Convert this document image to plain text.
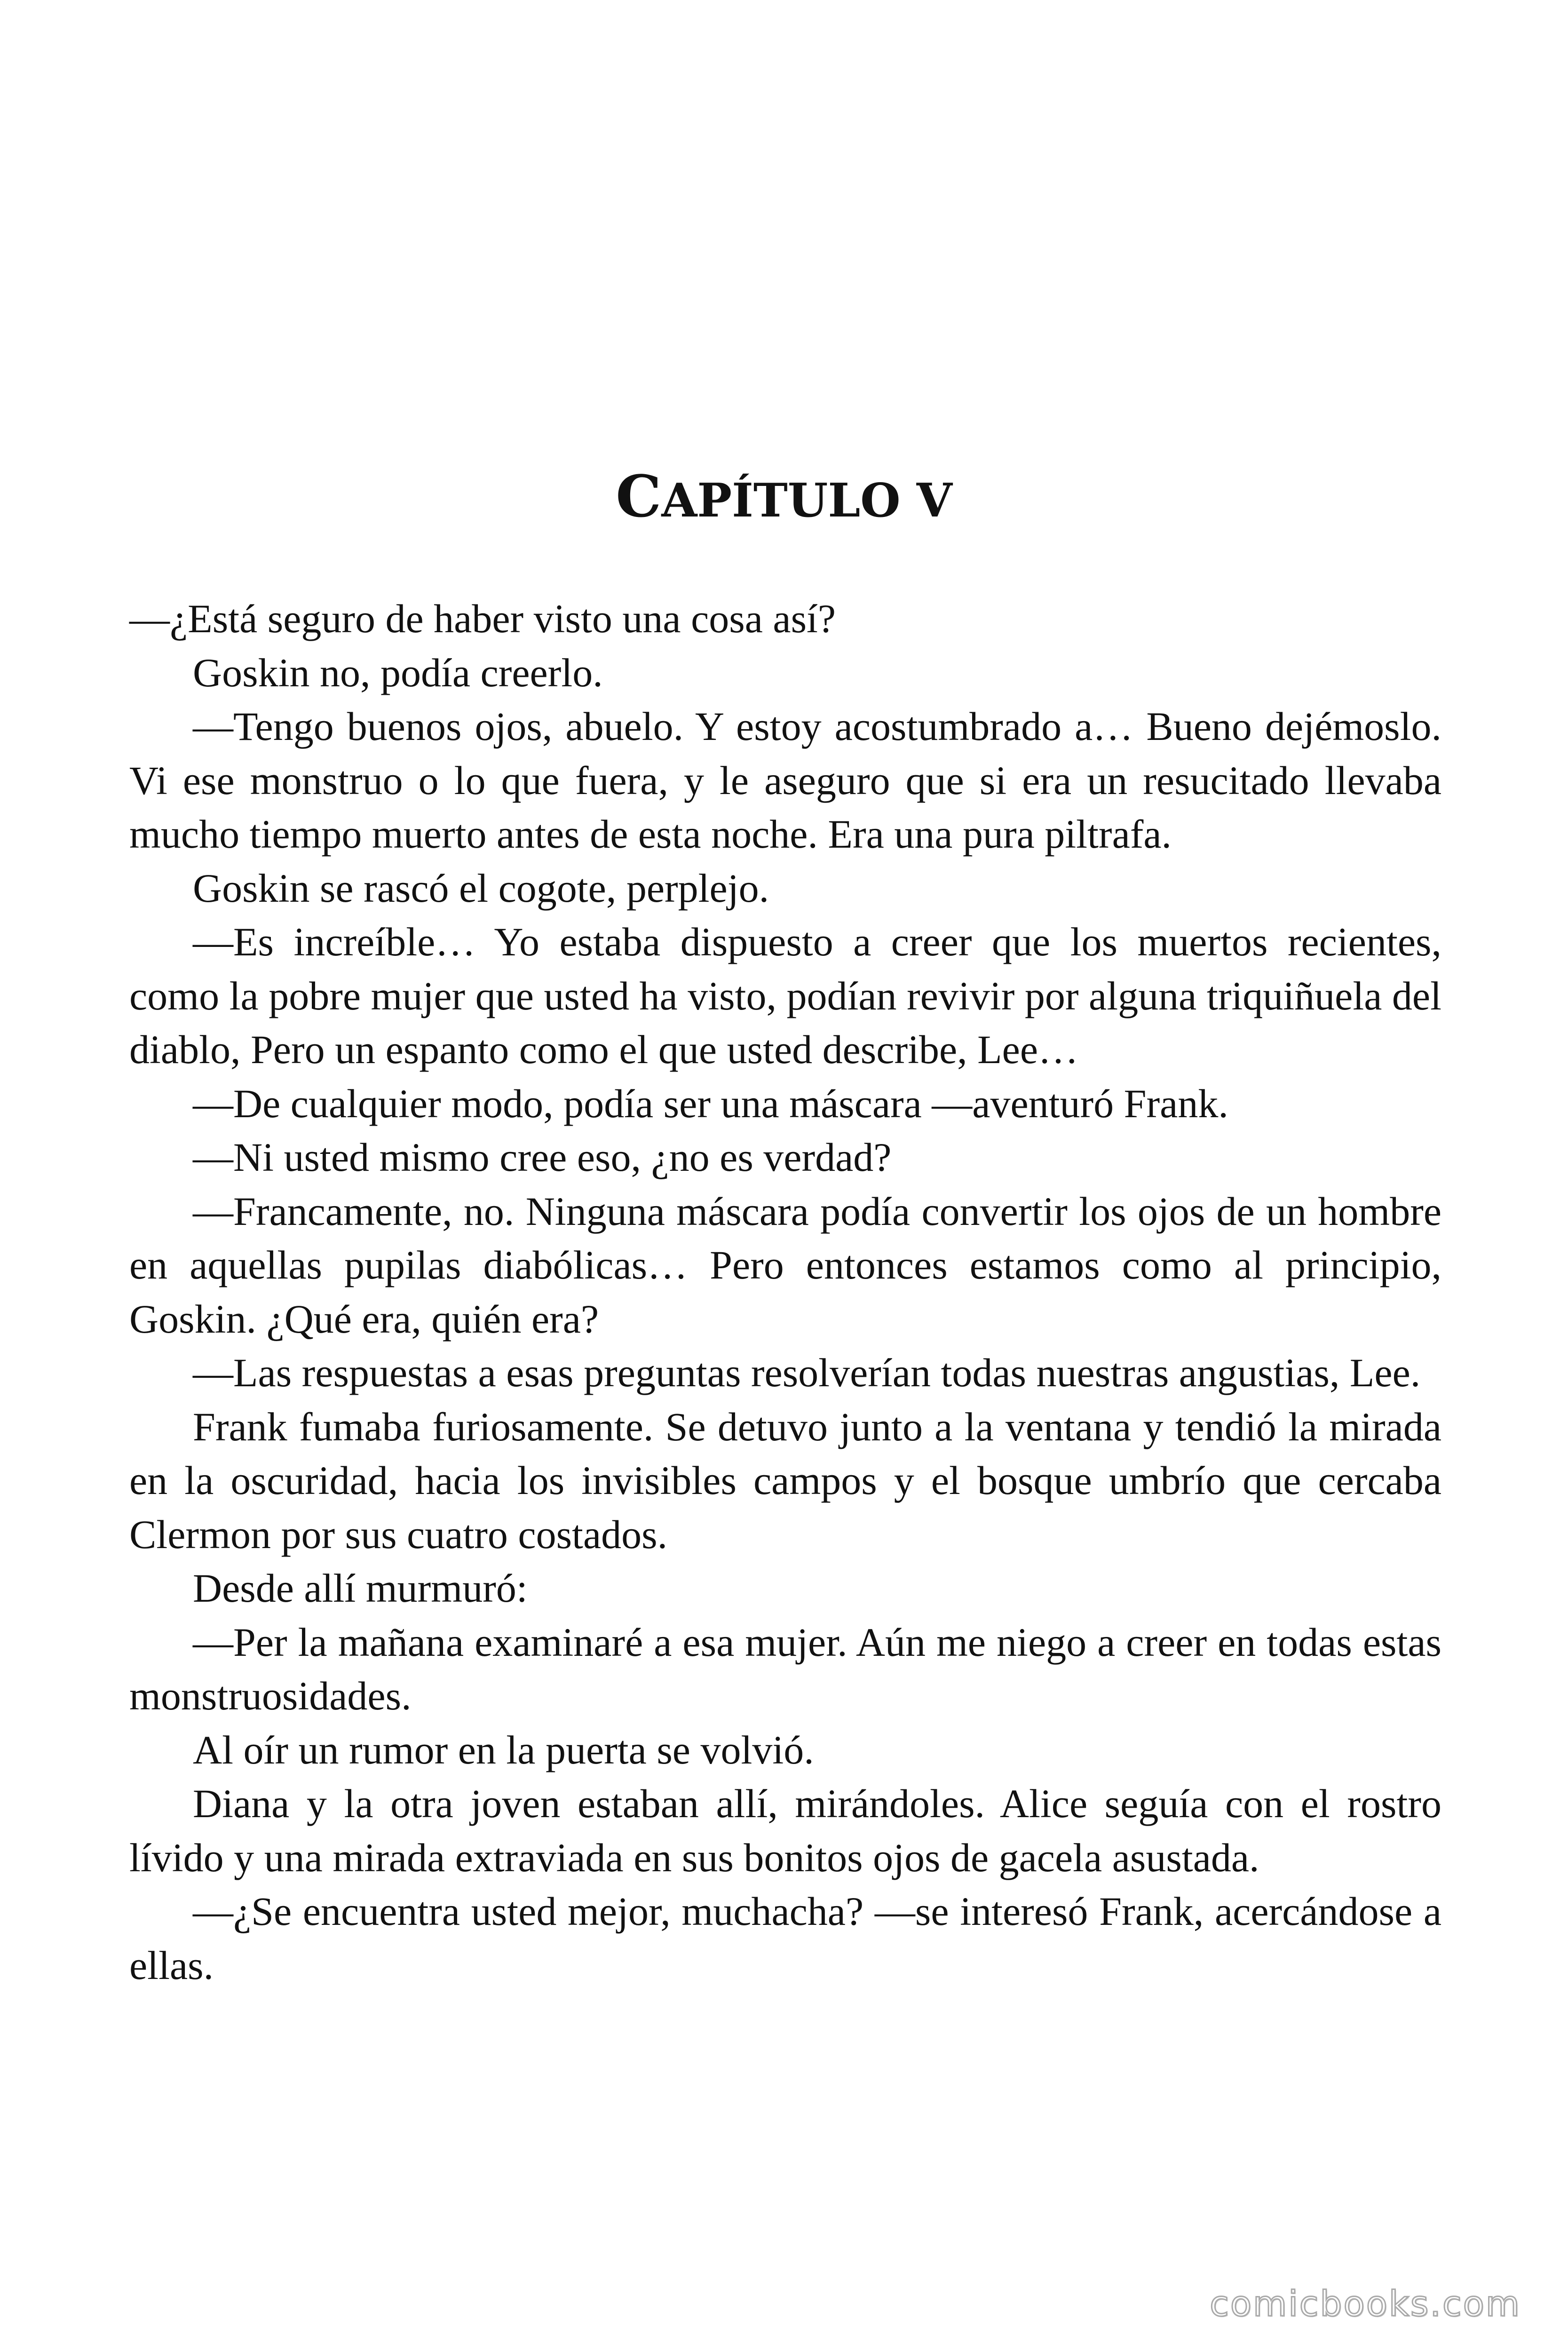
CAPÍTULO V

—¿Está seguro de haber visto una cosa así?

Goskin no, podía creerlo.

—Tengo buenos ojos, abuelo. Y estoy acostumbrado a… Bueno dejémoslo. Vi ese monstruo o lo que fuera, y le aseguro que si era un resucitado llevaba mucho tiempo muerto antes de esta noche. Era una pura piltrafa.

Goskin se rascó el cogote, perplejo.

—Es increíble… Yo estaba dispuesto a creer que los muertos recientes, como la pobre mujer que usted ha visto, podían revivir por alguna triquiñuela del diablo, Pero un espanto como el que usted describe, Lee…

—De cualquier modo, podía ser una máscara —aventuró Frank.

—Ni usted mismo cree eso, ¿no es verdad?

—Francamente, no. Ninguna máscara podía convertir los ojos de un hombre en aquellas pupilas diabólicas… Pero entonces estamos como al principio, Goskin. ¿Qué era, quién era?

—Las respuestas a esas preguntas resolverían todas nuestras angustias, Lee.

Frank fumaba furiosamente. Se detuvo junto a la ventana y tendió la mirada en la oscuridad, hacia los invisibles campos y el bosque umbrío que cercaba Clermon por sus cuatro costados.

Desde allí murmuró:

—Per la mañana examinaré a esa mujer. Aún me niego a creer en todas estas monstruosidades.

Al oír un rumor en la puerta se volvió.

Diana y la otra joven estaban allí, mirándoles. Alice seguía con el rostro lívido y una mirada extraviada en sus bonitos ojos de gacela asustada.

—¿Se encuentra usted mejor, muchacha? —se interesó Frank, acercándose a ellas.

comicbooks.com
